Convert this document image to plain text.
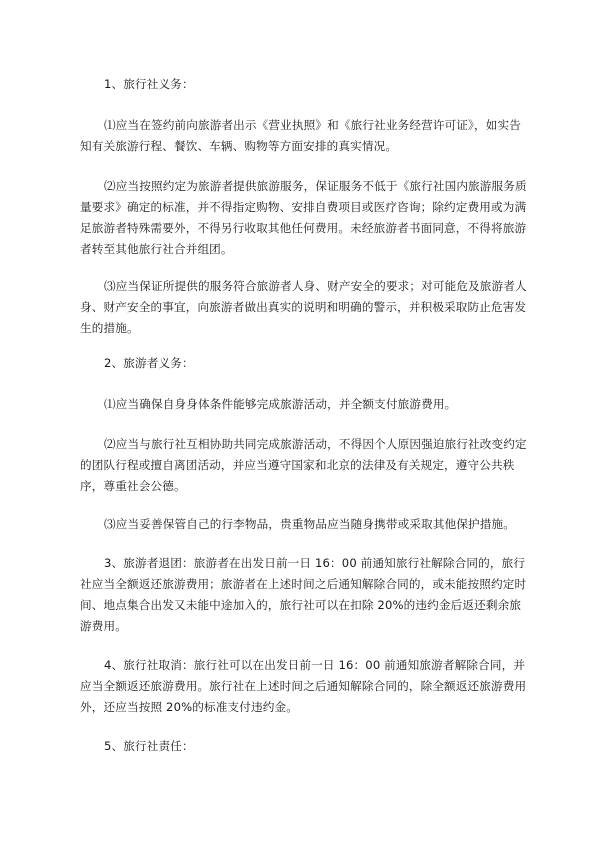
1、旅行社义务：
⑴应当在签约前向旅游者出示《营业执照》和《旅行社业务经营许可证》，如实告知有关旅游行程、餐饮、车辆、购物等方面安排的真实情况。
⑵应当按照约定为旅游者提供旅游服务，保证服务不低于《旅行社国内旅游服务质量要求》确定的标准，并不得指定购物、安排自费项目或医疗咨询；除约定费用或为满足旅游者特殊需要外，不得另行收取其他任何费用。未经旅游者书面同意，不得将旅游者转至其他旅行社合并组团。
⑶应当保证所提供的服务符合旅游者人身、财产安全的要求；对可能危及旅游者人身、财产安全的事宜，向旅游者做出真实的说明和明确的警示，并积极采取防止危害发生的措施。
2、旅游者义务：
⑴应当确保自身身体条件能够完成旅游活动，并全额支付旅游费用。
⑵应当与旅行社互相协助共同完成旅游活动，不得因个人原因强迫旅行社改变约定的团队行程或擅自离团活动，并应当遵守国家和北京的法律及有关规定，遵守公共秩序，尊重社会公德。
⑶应当妥善保管自己的行李物品，贵重物品应当随身携带或采取其他保护措施。
3、旅游者退团：旅游者在出发日前一日 16：00 前通知旅行社解除合同的，旅行社应当全额返还旅游费用；旅游者在上述时间之后通知解除合同的，或未能按照约定时间、地点集合出发又未能中途加入的，旅行社可以在扣除 20%的违约金后返还剩余旅游费用。
4、旅行社取消：旅行社可以在出发日前一日 16：00 前通知旅游者解除合同，并应当全额返还旅游费用。旅行社在上述时间之后通知解除合同的，除全额返还旅游费用外，还应当按照 20%的标准支付违约金。
5、旅行社责任：
